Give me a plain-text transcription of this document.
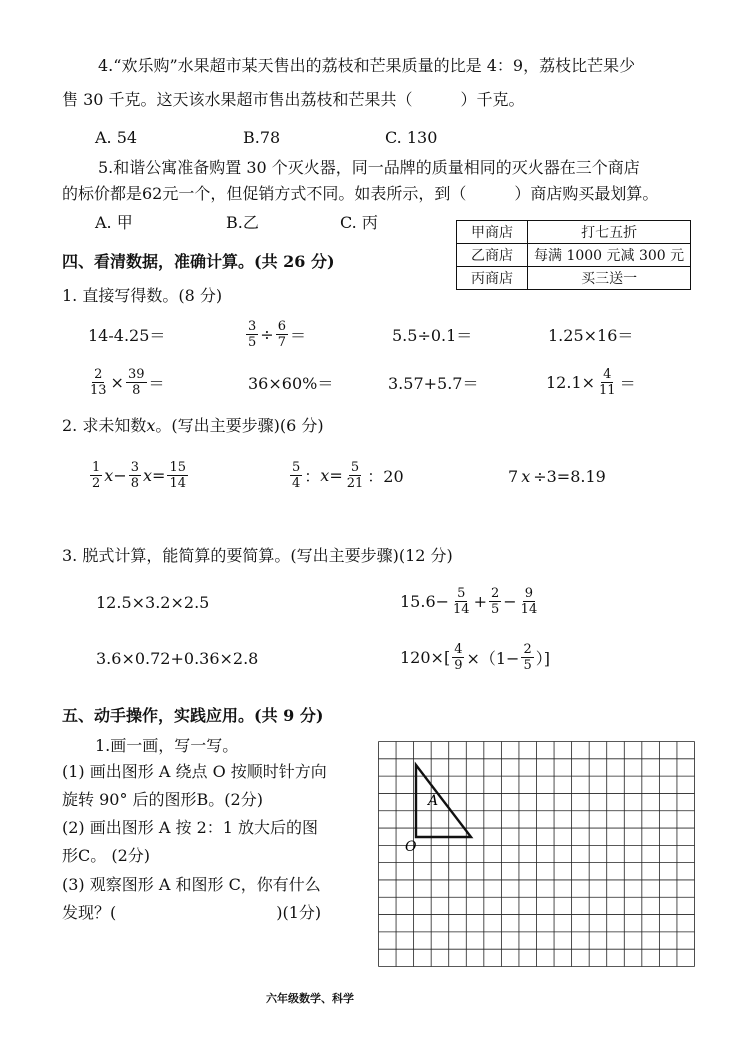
4.“欢乐购”水果超市某天售出的荔枝和芒果质量的比是 4：9，荔枝比芒果少
售 30 千克。这天该水果超市售出荔枝和芒果共（　　　）千克。
A. 54	B.78	C. 130
5.和谐公寓准备购置 30 个灭火器，同一品牌的质量相同的灭火器在三个商店
的标价都是62元一个，但促销方式不同。如表所示，到（　　　）商店购买最划算。
A. 甲	B.乙	C. 丙
甲商店	打七五折
乙商店	每满 1000 元减 300 元
丙商店	买三送一
四、看清数据，准确计算。(共 26 分)
1. 直接写得数。(8 分)
14-4.25＝	$\frac{3}{5} \div \frac{6}{7}$ ＝	5.5÷0.1＝	1.25×16＝
$\frac{2}{13} \times \frac{39}{8}$ ＝	36×60%＝	3.57+5.7＝	$12.1\times \frac{4}{11}$ ＝
2. 求未知数x。(写出主要步骤)(6 分)
$\frac{1}{2}$ $x - \frac{3}{8}$ $x = \frac{15}{14}$	$\frac{5}{4}$ ： $x = \frac{5}{21}$ ：20	7 x ÷3=8.19
3. 脱式计算，能简算的要简算。(写出主要步骤)(12 分)
12.5×3.2×2.5	$15.6- \frac{5}{14} + \frac{2}{5} - \frac{9}{14}$
3.6×0.72+0.36×2.8	$120\times[ \frac{4}{9} \times(1- \frac{2}{5}$ ）]
五、动手操作，实践应用。(共 9 分)
1.画一画，写一写。
(1) 画出图形 A 绕点 O 按顺时针方向
旋转 90° 后的图形B。(2分)
(2) 画出图形 A 按 2：1 放大后的图
形C。 (2分)
(3) 观察图形 A 和图形 C，你有什么
发现？(　　　　　　　　　　)(1分)
A
O
六年级数学、科学
